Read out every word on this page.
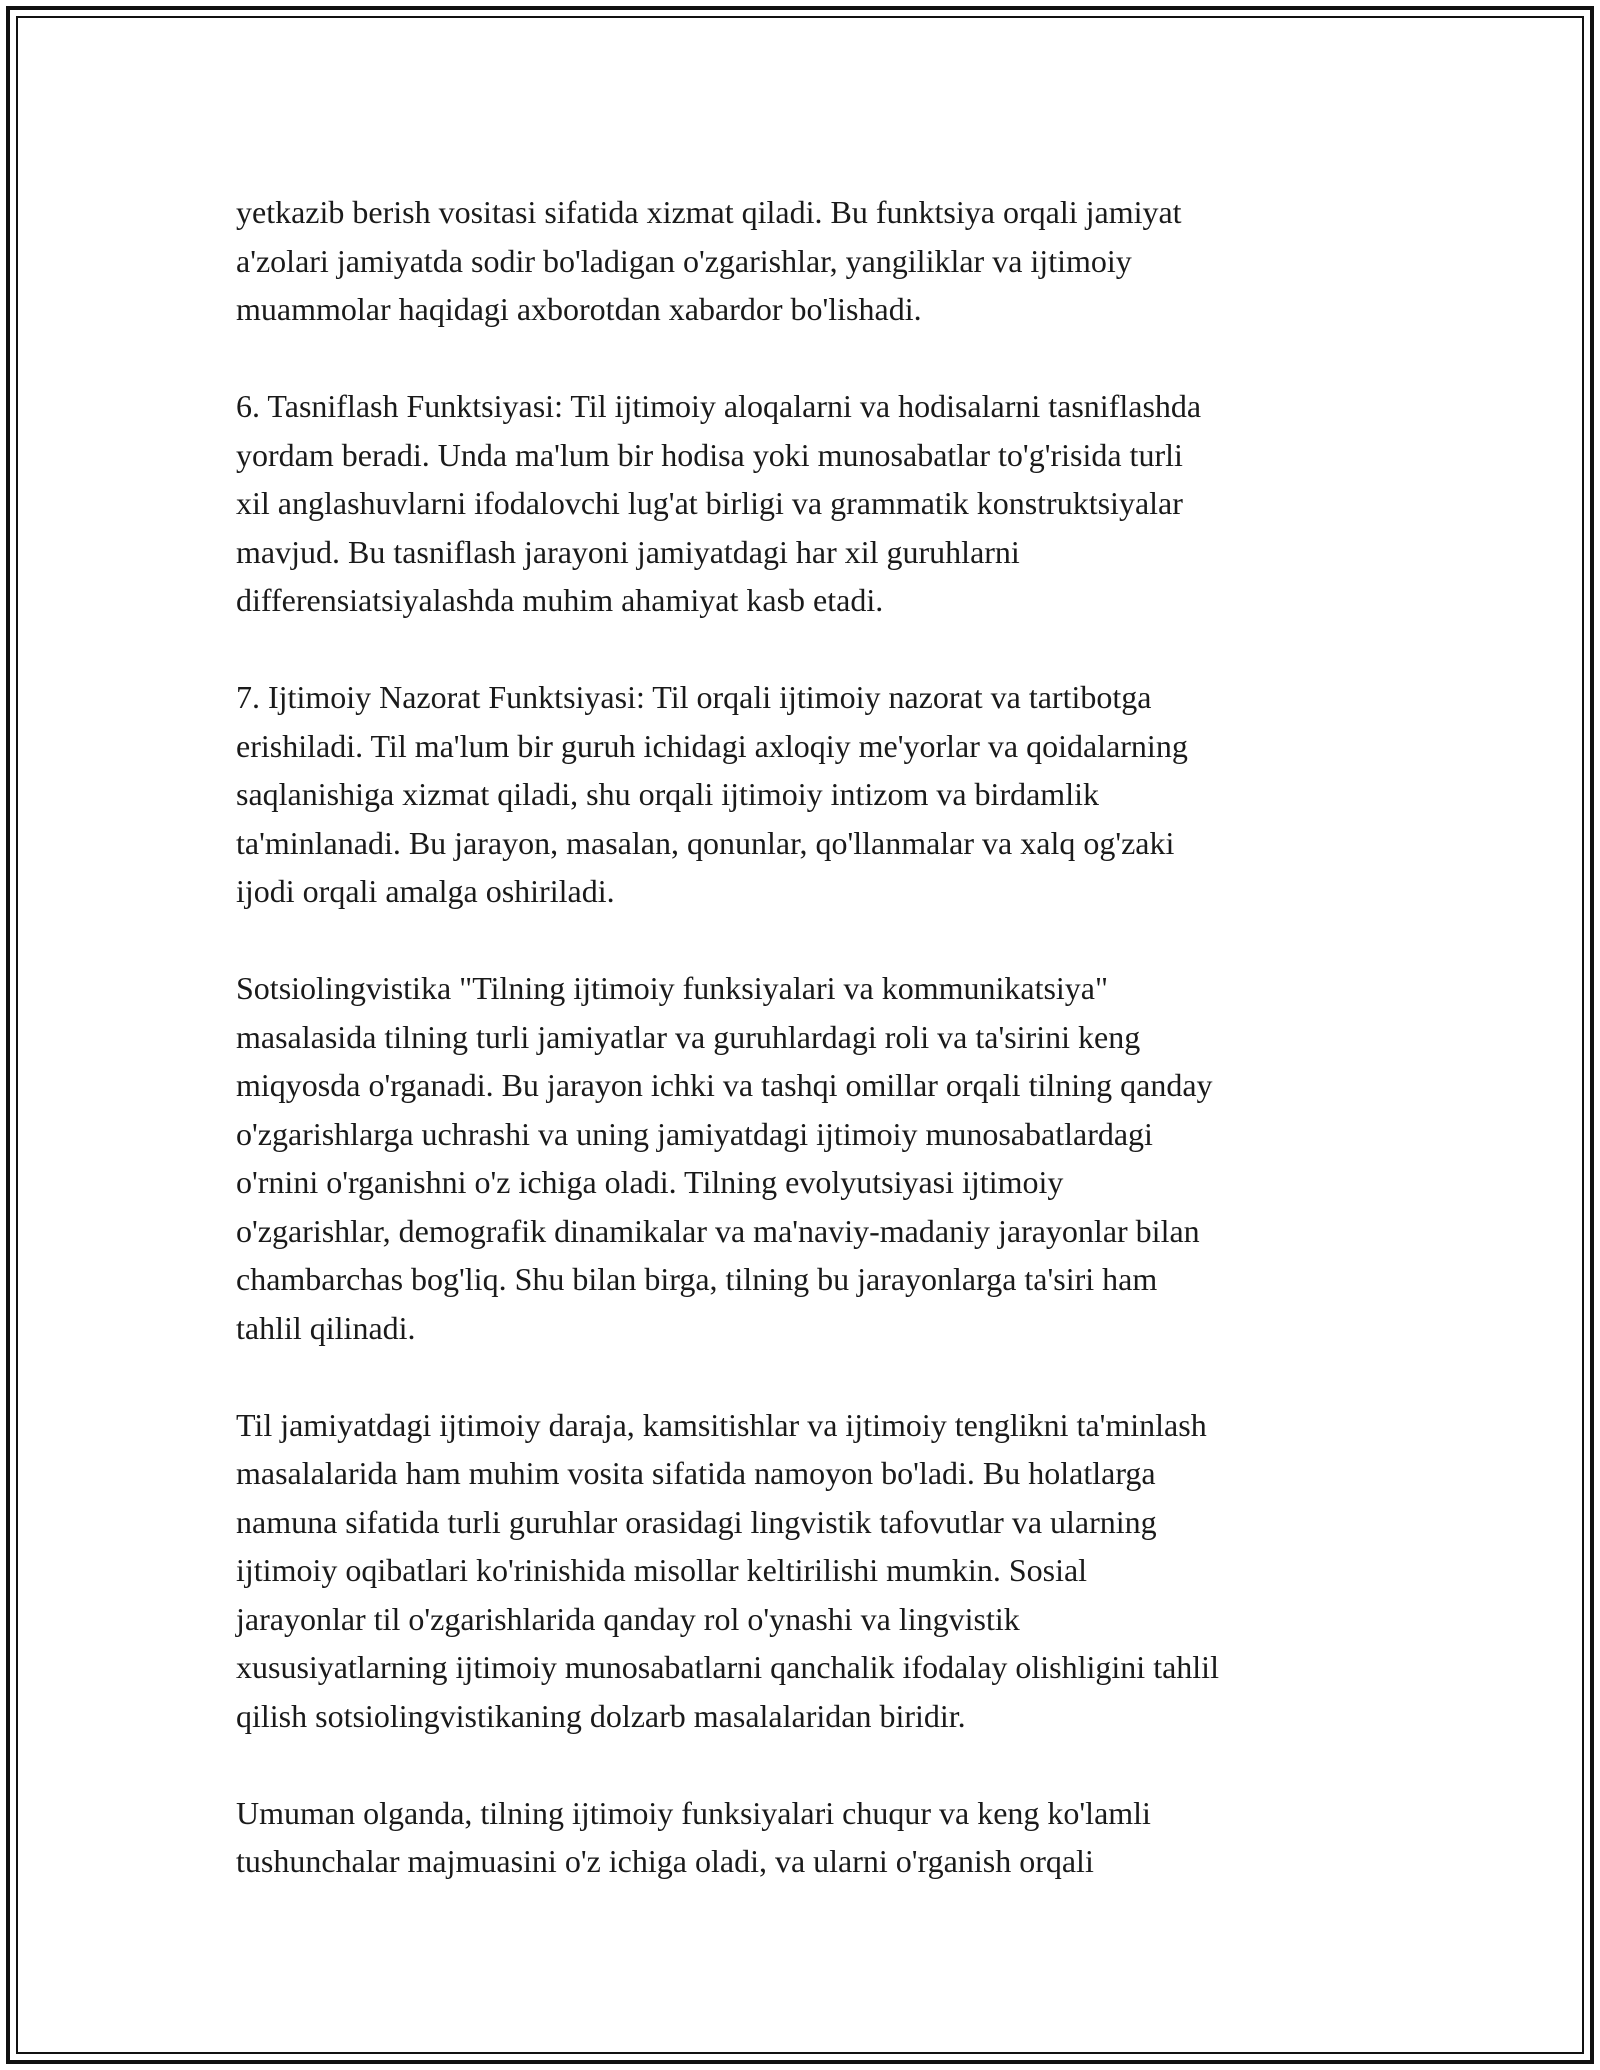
yetkazib berish vositasi sifatida xizmat qiladi. Bu funktsiya orqali jamiyat
a'zolari jamiyatda sodir bo'ladigan o'zgarishlar, yangiliklar va ijtimoiy
muammolar haqidagi axborotdan xabardor bo'lishadi.

6. Tasniflash Funktsiyasi: Til ijtimoiy aloqalarni va hodisalarni tasniflashda
yordam beradi. Unda ma'lum bir hodisa yoki munosabatlar to'g'risida turli
xil anglashuvlarni ifodalovchi lug'at birligi va grammatik konstruktsiyalar
mavjud. Bu tasniflash jarayoni jamiyatdagi har xil guruhlarni
differensiatsiyalashda muhim ahamiyat kasb etadi.

7. Ijtimoiy Nazorat Funktsiyasi: Til orqali ijtimoiy nazorat va tartibotga
erishiladi. Til ma'lum bir guruh ichidagi axloqiy me'yorlar va qoidalarning
saqlanishiga xizmat qiladi, shu orqali ijtimoiy intizom va birdamlik
ta'minlanadi. Bu jarayon, masalan, qonunlar, qo'llanmalar va xalq og'zaki
ijodi orqali amalga oshiriladi.

Sotsiolingvistika "Tilning ijtimoiy funksiyalari va kommunikatsiya"
masalasida tilning turli jamiyatlar va guruhlardagi roli va ta'sirini keng
miqyosda o'rganadi. Bu jarayon ichki va tashqi omillar orqali tilning qanday
o'zgarishlarga uchrashi va uning jamiyatdagi ijtimoiy munosabatlardagi
o'rnini o'rganishni o'z ichiga oladi. Tilning evolyutsiyasi ijtimoiy
o'zgarishlar, demografik dinamikalar va ma'naviy-madaniy jarayonlar bilan
chambarchas bog'liq. Shu bilan birga, tilning bu jarayonlarga ta'siri ham
tahlil qilinadi.

Til jamiyatdagi ijtimoiy daraja, kamsitishlar va ijtimoiy tenglikni ta'minlash
masalalarida ham muhim vosita sifatida namoyon bo'ladi. Bu holatlarga
namuna sifatida turli guruhlar orasidagi lingvistik tafovutlar va ularning
ijtimoiy oqibatlari ko'rinishida misollar keltirilishi mumkin. Sosial
jarayonlar til o'zgarishlarida qanday rol o'ynashi va lingvistik
xususiyatlarning ijtimoiy munosabatlarni qanchalik ifodalay olishligini tahlil
qilish sotsiolingvistikaning dolzarb masalalaridan biridir.

Umuman olganda, tilning ijtimoiy funksiyalari chuqur va keng ko'lamli
tushunchalar majmuasini o'z ichiga oladi, va ularni o'rganish orqali
